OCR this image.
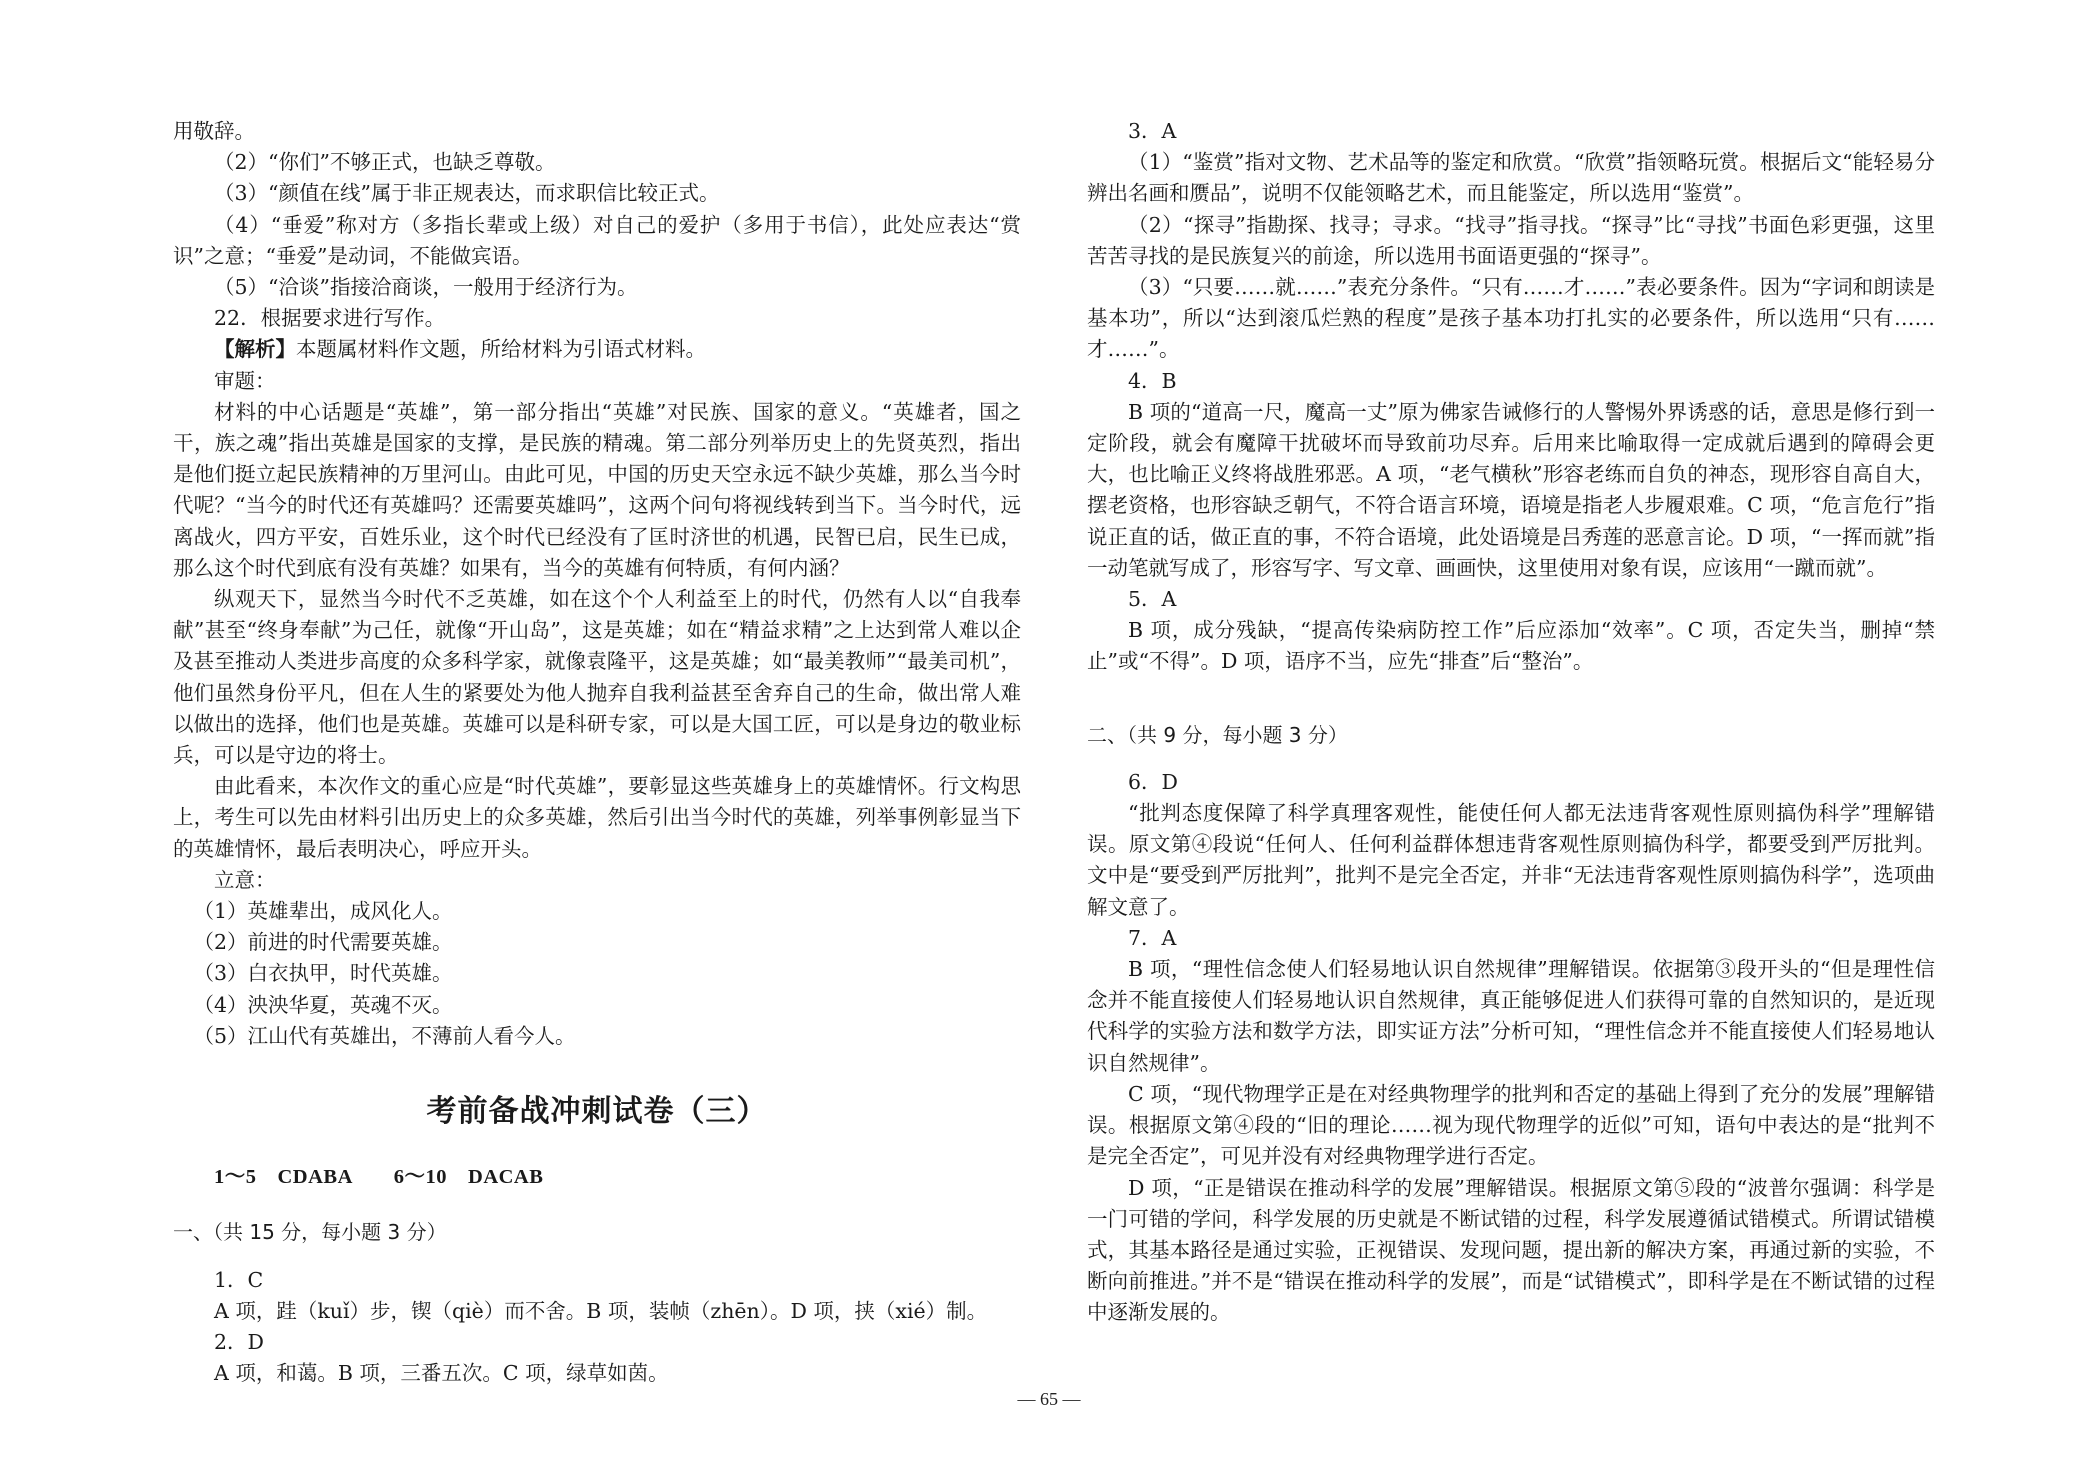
用敬辞。

（2）“你们”不够正式，也缺乏尊敬。

（3）“颜值在线”属于非正规表达，而求职信比较正式。

（4）“垂爱”称对方（多指长辈或上级）对自己的爱护（多用于书信），此处应表达“赏识”之意；“垂爱”是动词，不能做宾语。

（5）“洽谈”指接洽商谈，一般用于经济行为。

22．根据要求进行写作。

【解析】本题属材料作文题，所给材料为引语式材料。

审题：

材料的中心话题是“英雄”，第一部分指出“英雄”对民族、国家的意义。“英雄者，国之干，族之魂”指出英雄是国家的支撑，是民族的精魂。第二部分列举历史上的先贤英烈，指出是他们挺立起民族精神的万里河山。由此可见，中国的历史天空永远不缺少英雄，那么当今时代呢？“当今的时代还有英雄吗？还需要英雄吗”，这两个问句将视线转到当下。当今时代，远离战火，四方平安，百姓乐业，这个时代已经没有了匡时济世的机遇，民智已启，民生已成，那么这个时代到底有没有英雄？如果有，当今的英雄有何特质，有何内涵？

纵观天下，显然当今时代不乏英雄，如在这个个人利益至上的时代，仍然有人以“自我奉献”甚至“终身奉献”为己任，就像“开山岛”，这是英雄；如在“精益求精”之上达到常人难以企及甚至推动人类进步高度的众多科学家，就像袁隆平，这是英雄；如“最美教师”“最美司机”，他们虽然身份平凡，但在人生的紧要处为他人抛弃自我利益甚至舍弃自己的生命，做出常人难以做出的选择，他们也是英雄。英雄可以是科研专家，可以是大国工匠，可以是身边的敬业标兵，可以是守边的将士。

由此看来，本次作文的重心应是“时代英雄”，要彰显这些英雄身上的英雄情怀。行文构思上，考生可以先由材料引出历史上的众多英雄，然后引出当今时代的英雄，列举事例彰显当下的英雄情怀，最后表明决心，呼应开头。

立意：

（1）英雄辈出，成风化人。

（2）前进的时代需要英雄。

（3）白衣执甲，时代英雄。

（4）泱泱华夏，英魂不灭。

（5）江山代有英雄出，不薄前人看今人。

考前备战冲刺试卷（三）

1～5　CDABA　　6～10　DACAB

一、（共 15 分，每小题 3 分）

1．C

A 项，跬（kuǐ）步，锲（qiè）而不舍。B 项，装帧（zhēn）。D 项，挟（xié）制。

2．D

A 项，和蔼。B 项，三番五次。C 项，绿草如茵。

3．A

（1）“鉴赏”指对文物、艺术品等的鉴定和欣赏。“欣赏”指领略玩赏。根据后文“能轻易分辨出名画和赝品”，说明不仅能领略艺术，而且能鉴定，所以选用“鉴赏”。

（2）“探寻”指勘探、找寻；寻求。“找寻”指寻找。“探寻”比“寻找”书面色彩更强，这里苦苦寻找的是民族复兴的前途，所以选用书面语更强的“探寻”。

（3）“只要……就……”表充分条件。“只有……才……”表必要条件。因为“字词和朗读是基本功”，所以“达到滚瓜烂熟的程度”是孩子基本功打扎实的必要条件，所以选用“只有……才……”。

4．B

B 项的“道高一尺，魔高一丈”原为佛家告诫修行的人警惕外界诱惑的话，意思是修行到一定阶段，就会有魔障干扰破坏而导致前功尽弃。后用来比喻取得一定成就后遇到的障碍会更大，也比喻正义终将战胜邪恶。A 项，“老气横秋”形容老练而自负的神态，现形容自高自大，摆老资格，也形容缺乏朝气，不符合语言环境，语境是指老人步履艰难。C 项，“危言危行”指说正直的话，做正直的事，不符合语境，此处语境是吕秀莲的恶意言论。D 项，“一挥而就”指一动笔就写成了，形容写字、写文章、画画快，这里使用对象有误，应该用“一蹴而就”。

5．A

B 项，成分残缺，“提高传染病防控工作”后应添加“效率”。C 项，否定失当，删掉“禁止”或“不得”。D 项，语序不当，应先“排查”后“整治”。

二、（共 9 分，每小题 3 分）

6．D

“批判态度保障了科学真理客观性，能使任何人都无法违背客观性原则搞伪科学”理解错误。原文第④段说“任何人、任何利益群体想违背客观性原则搞伪科学，都要受到严厉批判。文中是“要受到严厉批判”，批判不是完全否定，并非“无法违背客观性原则搞伪科学”，选项曲解文意了。

7．A

B 项，“理性信念使人们轻易地认识自然规律”理解错误。依据第③段开头的“但是理性信念并不能直接使人们轻易地认识自然规律，真正能够促进人们获得可靠的自然知识的，是近现代科学的实验方法和数学方法，即实证方法”分析可知，“理性信念并不能直接使人们轻易地认识自然规律”。

C 项，“现代物理学正是在对经典物理学的批判和否定的基础上得到了充分的发展”理解错误。根据原文第④段的“旧的理论……视为现代物理学的近似”可知，语句中表达的是“批判不是完全否定”，可见并没有对经典物理学进行否定。

D 项，“正是错误在推动科学的发展”理解错误。根据原文第⑤段的“波普尔强调：科学是一门可错的学问，科学发展的历史就是不断试错的过程，科学发展遵循试错模式。所谓试错模式，其基本路径是通过实验，正视错误、发现问题，提出新的解决方案，再通过新的实验，不断向前推进。”并不是“错误在推动科学的发展”，而是“试错模式”，即科学是在不断试错的过程中逐渐发展的。

— 65 —
